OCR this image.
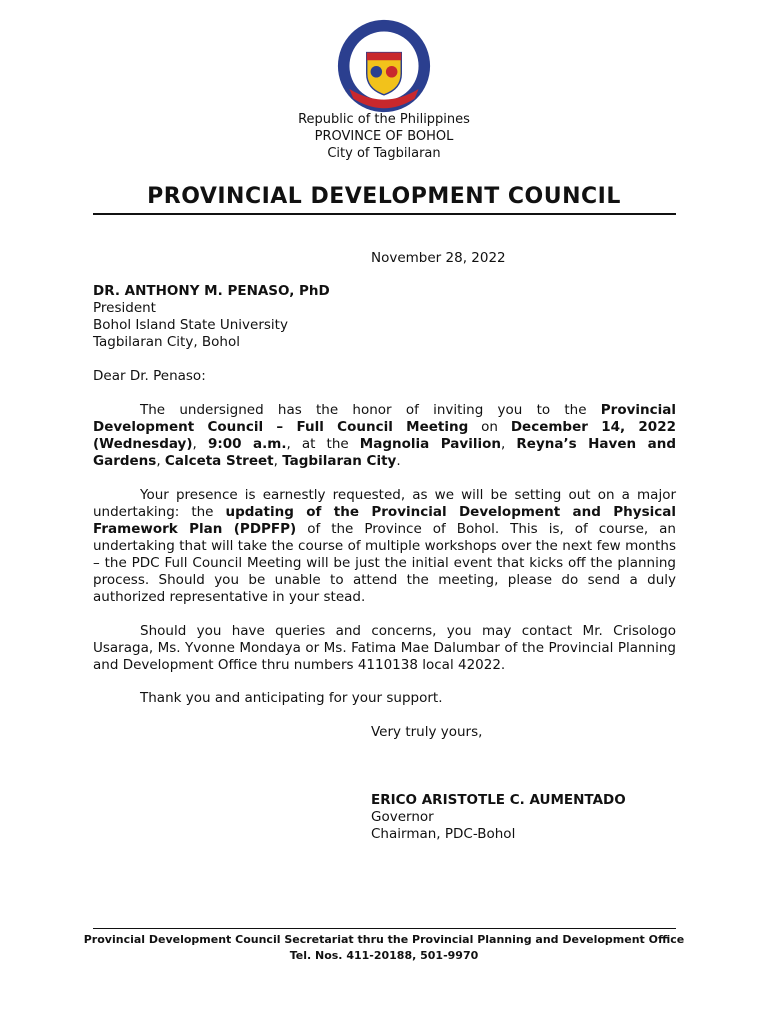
Republic of the Philippines
PROVINCE OF BOHOL
City of Tagbilaran
PROVINCIAL DEVELOPMENT COUNCIL
November 28, 2022
DR. ANTHONY M. PENASO, PhD
President
Bohol Island State University
Tagbilaran City, Bohol
Dear Dr. Penaso:
The undersigned has the honor of inviting you to the Provincial Development Council – Full Council Meeting on December 14, 2022 (Wednesday), 9:00 a.m., at the Magnolia Pavilion, Reyna’s Haven and Gardens, Calceta Street, Tagbilaran City.
Your presence is earnestly requested, as we will be setting out on a major undertaking: the updating of the Provincial Development and Physical Framework Plan (PDPFP) of the Province of Bohol. This is, of course, an undertaking that will take the course of multiple workshops over the next few months – the PDC Full Council Meeting will be just the initial event that kicks off the planning process. Should you be unable to attend the meeting, please do send a duly authorized representative in your stead.
Should you have queries and concerns, you may contact Mr. Crisologo Usaraga, Ms. Yvonne Mondaya or Ms. Fatima Mae Dalumbar of the Provincial Planning and Development Office thru numbers 4110138 local 42022.
Thank you and anticipating for your support.
Very truly yours,
ERICO ARISTOTLE C. AUMENTADO
Governor
Chairman, PDC-Bohol
Provincial Development Council Secretariat thru the Provincial Planning and Development Office
Tel. Nos. 411-20188, 501-9970
